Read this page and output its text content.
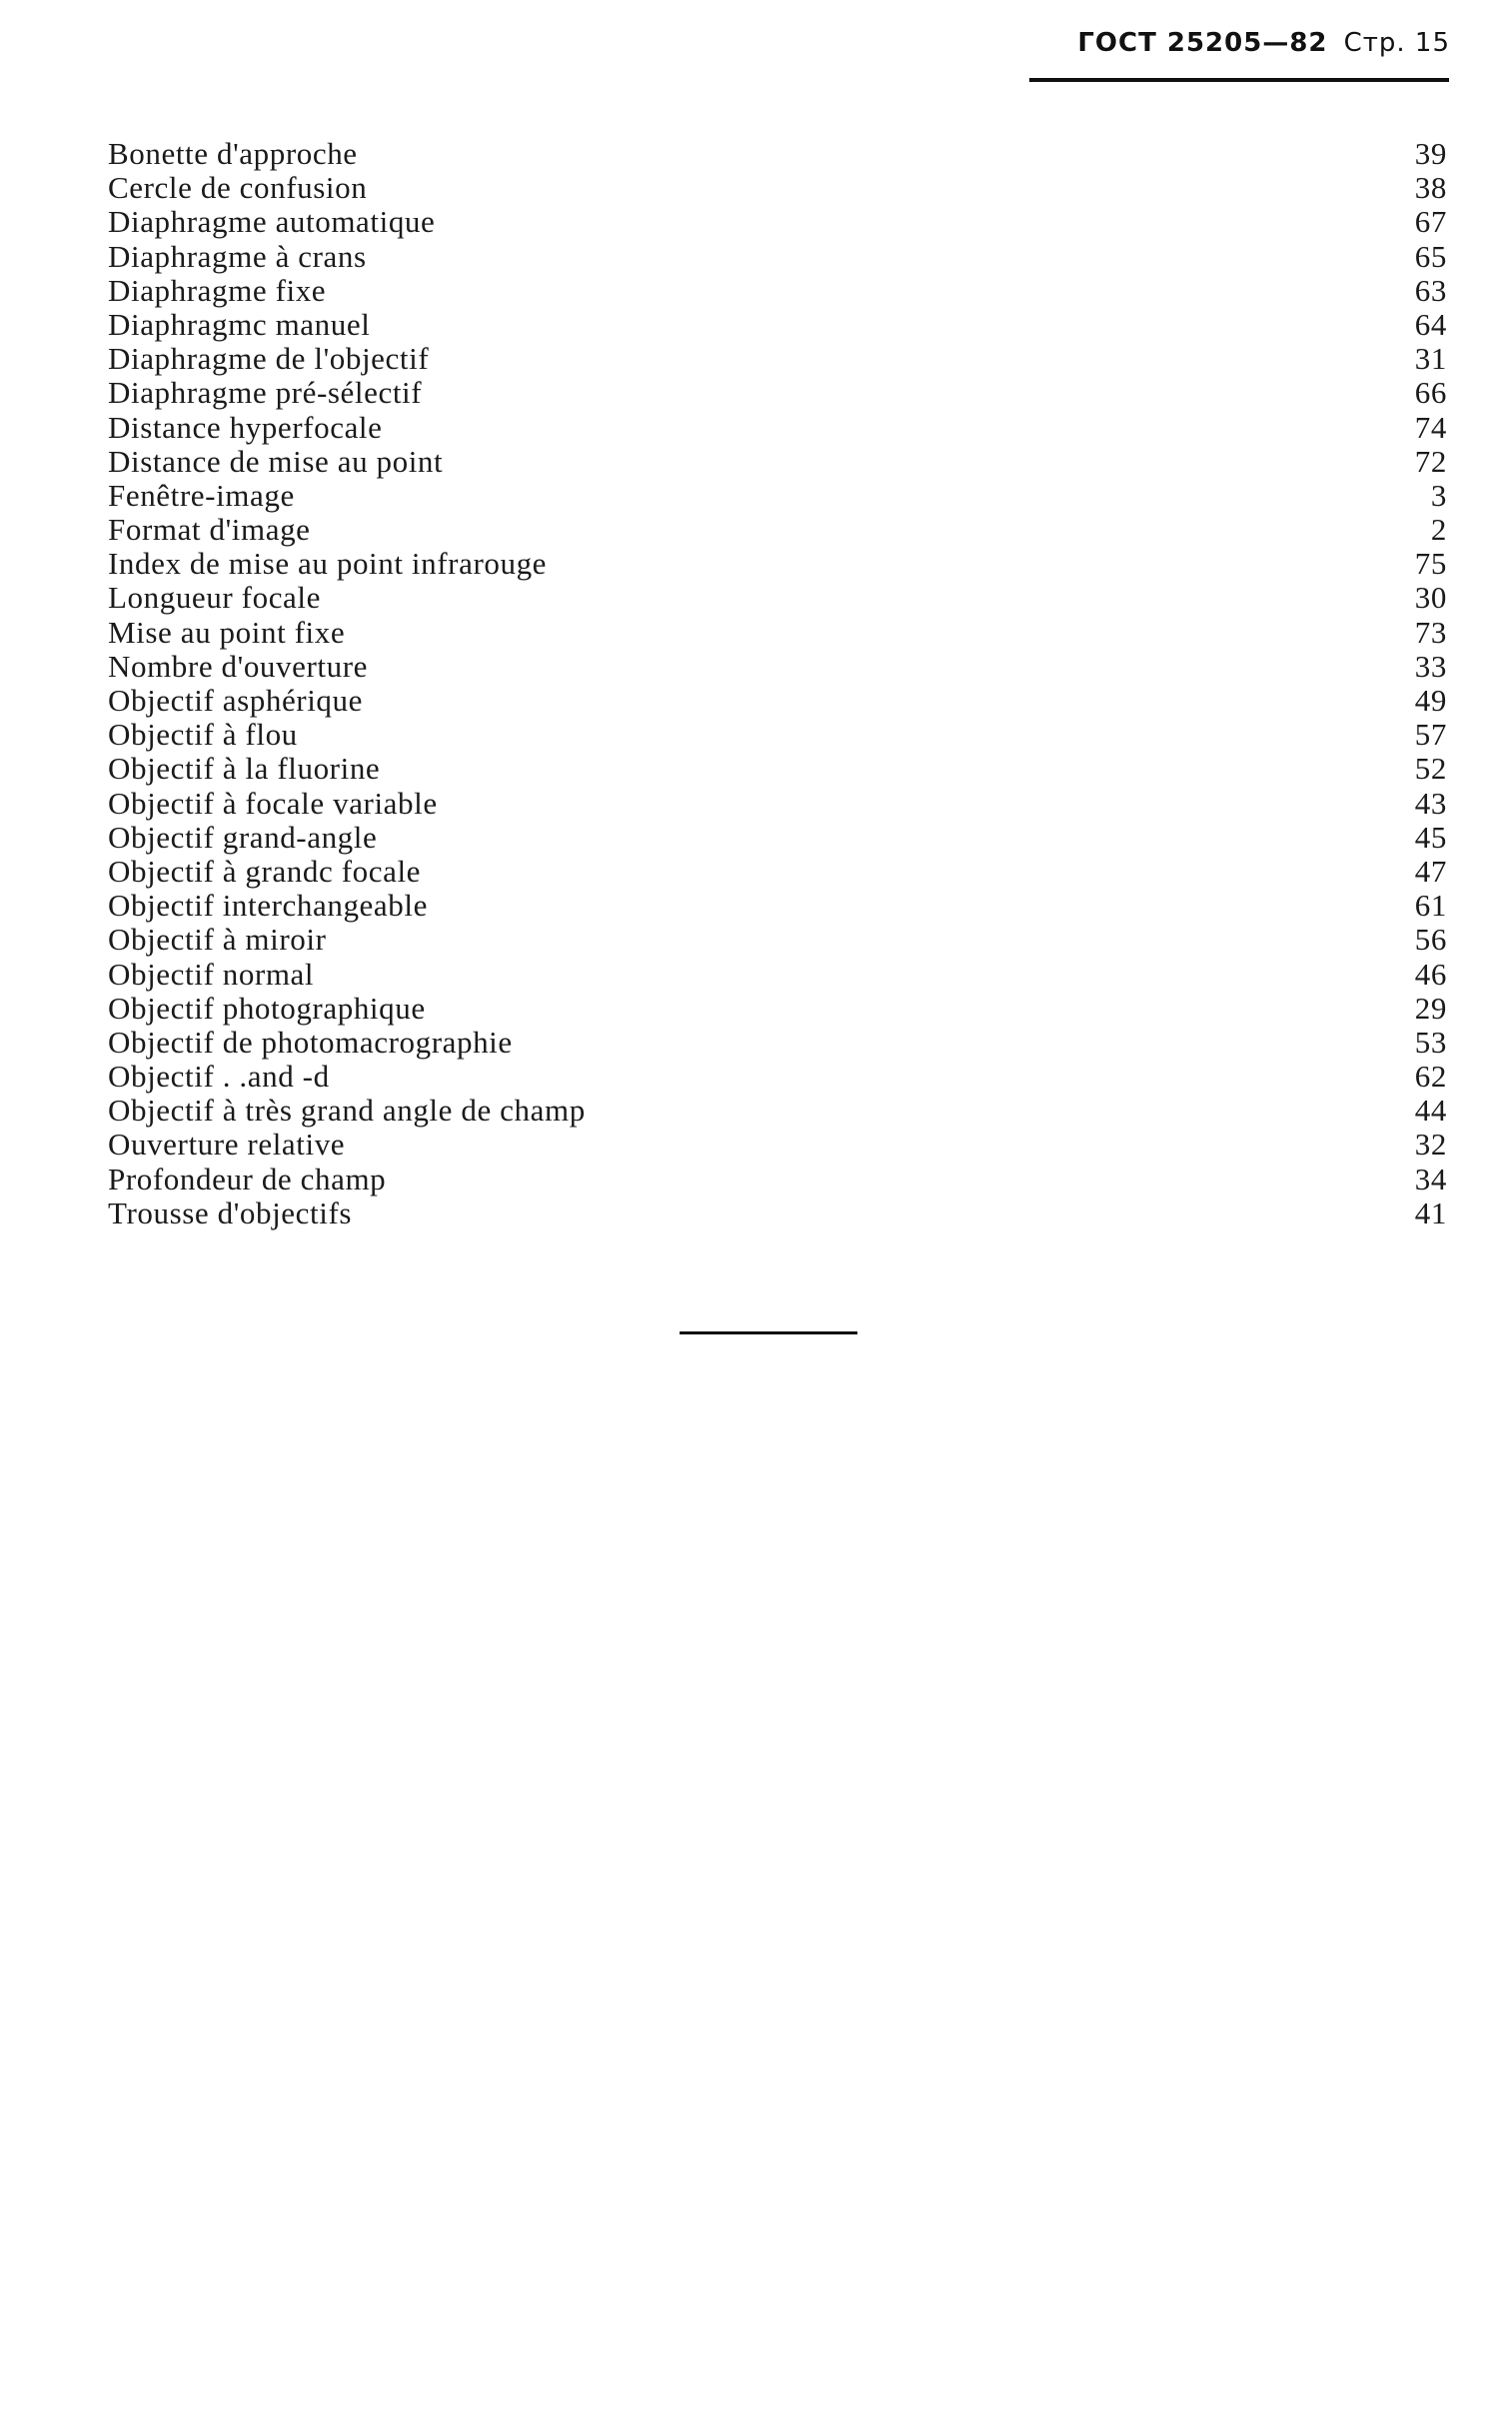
ГОСТ 25205—82 Стр. 15
Bonette d'approche	39
Cercle de confusion	38
Diaphragme automatique	67
Diaphragme à crans	65
Diaphragme fixe	63
Diaphragmс manuel	64
Diaphragme de l'objectif	31
Diaphragme pré-sélectif	66
Distance hyperfocale	74
Distance de mise au point	72
Fenêtre-image	3
Format d'image	2
Index de mise au point infrarouge	75
Longueur focale	30
Mise au point fixe	73
Nombre d'ouverture	33
Objectif asphérique	49
Objectif à flou	57
Objectif à la fluorine	52
Objectif à focale variable	43
Objectif grand-angle	45
Objectif à grandс focale	47
Objectif interchangeable	61
Objectif à miroir	56
Objectif normal	46
Objectif photographique	29
Objectif de photomacrographie	53
Objectif . .and -d	62
Objectif à très grand angle de champ	44
Ouverture relative	32
Profondeur de champ	34
Trousse d'objectifs	41
